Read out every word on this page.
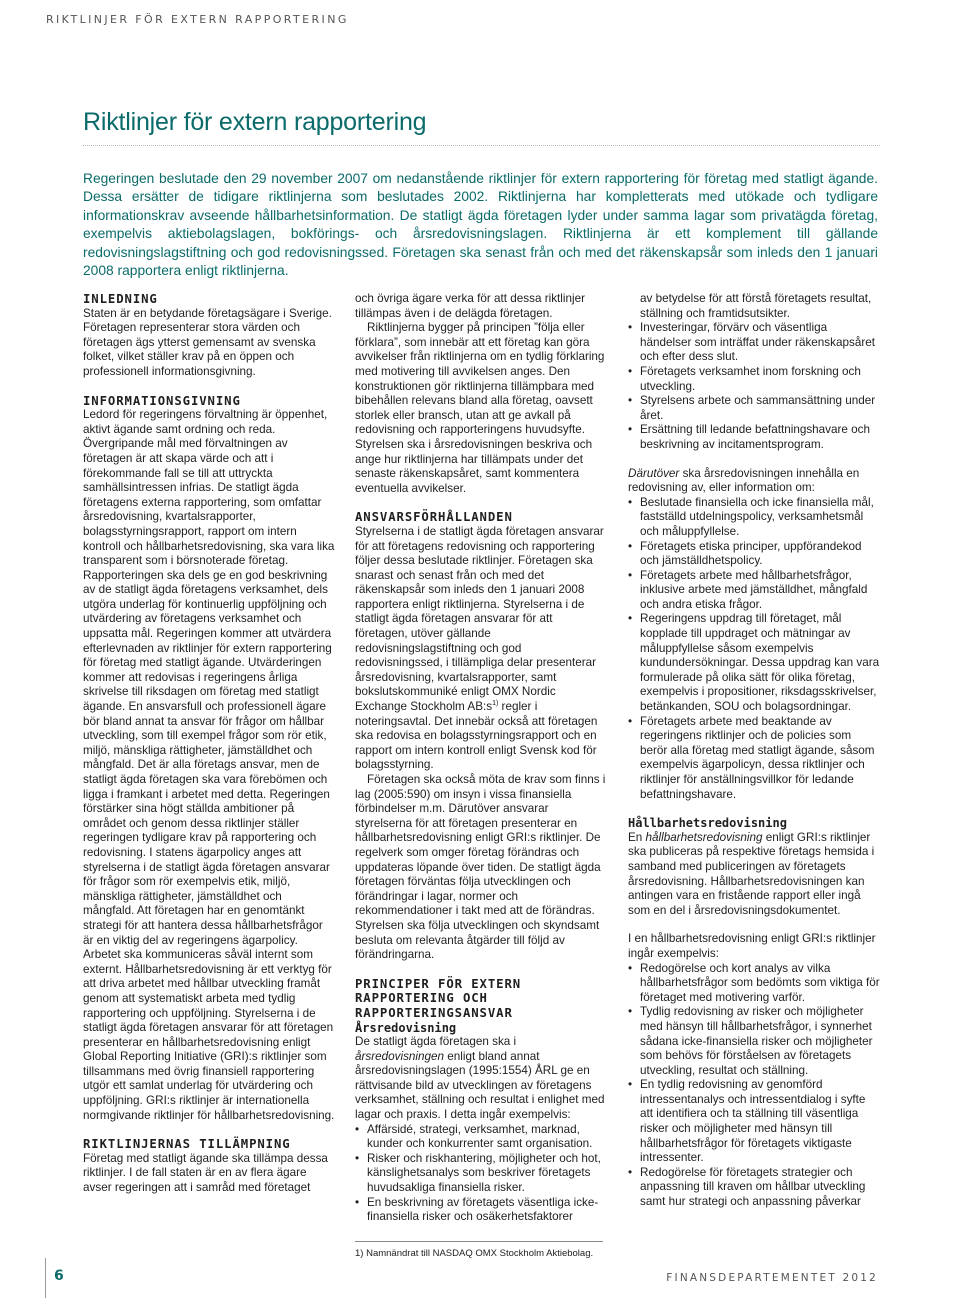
RIKTLINJER FÖR EXTERN RAPPORTERING
Riktlinjer för extern rapportering

Regeringen beslutade den 29 november 2007 om nedanstående riktlinjer för extern rapportering för företag med statligt ägande. Dessa ersätter de tidigare riktlinjerna som beslutades 2002. Riktlinjerna har kompletterats med utökade och tydligare informationskrav avseende hållbarhetsinformation. De statligt ägda företagen lyder under samma lagar som privatägda företag, exempelvis aktiebolagslagen, bokförings- och årsredovisningslagen. Riktlinjerna är ett komplement till gällande redovisningslagstiftning och god redovisningssed. Företagen ska senast från och med det räkenskapsår som inleds den 1 januari 2008 rapportera enligt riktlinjerna.

INLEDNING

Staten är en betydande företagsägare i Sverige. Företagen representerar stora värden och företagen ägs ytterst gemensamt av svenska folket, vilket ställer krav på en öppen och professionell informationsgivning.

INFORMATIONSGIVNING

Ledord för regeringens förvaltning är öppenhet, aktivt ägande samt ordning och reda. Övergripande mål med förvaltningen av företagen är att skapa värde och att i förekommande fall se till att uttryckta samhällsintressen infrias. De statligt ägda företagens externa rapportering, som omfattar årsredovisning, kvartalsrapporter, bolagsstyrningsrapport, rapport om intern kontroll och hållbarhetsredovisning, ska vara lika transparent som i börsnoterade företag. Rapporteringen ska dels ge en god beskrivning av de statligt ägda företagens verksamhet, dels utgöra underlag för kontinuerlig uppföljning och utvärdering av företagens verksamhet och uppsatta mål. Regeringen kommer att utvärdera efterlevnaden av riktlinjer för extern rapportering för företag med statligt ägande. Utvärderingen kommer att redovisas i regeringens årliga skrivelse till riksdagen om företag med statligt ägande. En ansvarsfull och professionell ägare bör bland annat ta ansvar för frågor om hållbar utveckling, som till exempel frågor som rör etik, miljö, mänskliga rättigheter, jämställdhet och mångfald. Det är alla företags ansvar, men de statligt ägda företagen ska vara förebömen och ligga i framkant i arbetet med detta. Regeringen förstärker sina högt ställda ambitioner på området och genom dessa riktlinjer ställer regeringen tydligare krav på rapportering och redovisning. I statens ägarpolicy anges att styrelserna i de statligt ägda företagen ansvarar för frågor som rör exempelvis etik, miljö, mänskliga rättigheter, jämställdhet och mångfald. Att företagen har en genomtänkt strategi för att hantera dessa hållbarhetsfrågor är en viktig del av regeringens ägarpolicy. Arbetet ska kommuniceras såväl internt som externt. Hållbarhetsredovisning är ett verktyg för att driva arbetet med hållbar utveckling framåt genom att systematiskt arbeta med tydlig rapportering och uppföljning. Styrelserna i de statligt ägda företagen ansvarar för att företagen presenterar en hållbarhetsredovisning enligt Global Reporting Initiative (GRI):s riktlinjer som tillsammans med övrig finansiell rapportering utgör ett samlat underlag för utvärdering och uppföljning. GRI:s riktlinjer är internationella normgivande riktlinjer för hållbarhetsredovisning.

RIKTLINJERNAS TILLÄMPNING

Företag med statligt ägande ska tillämpa dessa riktlinjer. I de fall staten är en av flera ägare avser regeringen att i samråd med företaget

och övriga ägare verka för att dessa riktlinjer tillämpas även i de delägda företagen.

Riktlinjerna bygger på principen ”följa eller förklara”, som innebär att ett företag kan göra avvikelser från riktlinjerna om en tydlig förklaring med motivering till avvikelsen anges. Den konstruktionen gör riktlinjerna tillämpbara med bibehållen relevans bland alla företag, oavsett storlek eller bransch, utan att ge avkall på redovisning och rapporteringens huvudsyfte. Styrelsen ska i årsredovisningen beskriva och ange hur riktlinjerna har tillämpats under det senaste räkenskapsåret, samt kommentera eventuella avvikelser.

ANSVARSFÖRHÅLLANDEN

Styrelserna i de statligt ägda företagen ansvarar för att företagens redovisning och rapportering följer dessa beslutade riktlinjer. Företagen ska snarast och senast från och med det räkenskapsår som inleds den 1 januari 2008 rapportera enligt riktlinjerna. Styrelserna i de statligt ägda företagen ansvarar för att företagen, utöver gällande redovisningslagstiftning och god redovisningssed, i tillämpliga delar presenterar årsredovisning, kvartalsrapporter, samt bokslutskommuniké enligt OMX Nordic Exchange Stockholm $AB:s^{1)}$ regler i noteringsavtal. Det innebär också att företagen ska redovisa en bolagsstyrningsrapport och en rapport om intern kontroll enligt Svensk kod för bolagsstyrning.

Företagen ska också möta de krav som finns i lag (2005:590) om insyn i vissa finansiella förbindelser m.m. Därutöver ansvarar styrelserna för att företagen presenterar en hållbarhetsredovisning enligt GRI:s riktlinjer. De regelverk som omger företag förändras och uppdateras löpande över tiden. De statligt ägda företagen förväntas följa utvecklingen och förändringar i lagar, normer och rekommendationer i takt med att de förändras. Styrelsen ska följa utvecklingen och skyndsamt besluta om relevanta åtgärder till följd av förändringarna.

PRINCIPER FÖR EXTERN RAPPORTERING OCH RAPPORTERINGSANSVAR
Årsredovisning

De statligt ägda företagen ska i årsredovisningen enligt bland annat årsredovisningslagen (1995:1554) ÅRL ge en rättvisande bild av utvecklingen av företagens verksamhet, ställning och resultat i enlighet med lagar och praxis. I detta ingår exempelvis:

• Affärsidé, strategi, verksamhet, marknad, kunder och konkurrenter samt organisation.
• Risker och riskhantering, möjligheter och hot, känslighetsanalys som beskriver företagets huvudsakliga finansiella risker.
• En beskrivning av företagets väsentliga icke-finansiella risker och osäkerhetsfaktorer
1) Namnändrat till NASDAQ OMX Stockholm Aktiebolag.
av betydelse för att förstå företagets resultat, ställning och framtidsutsikter.
• Investeringar, förvärv och väsentliga händelser som inträffat under räkenskapsåret och efter dess slut.
• Företagets verksamhet inom forskning och utveckling.
• Styrelsens arbete och sammansättning under året.
• Ersättning till ledande befattningshavare och beskrivning av incitamentsprogram.

Därutöver ska årsredovisningen innehålla en redovisning av, eller information om:

• Beslutade finansiella och icke finansiella mål, fastställd utdelningspolicy, verksamhetsmål och måluppfyllelse.
• Företagets etiska principer, uppförandekod och jämställdhetspolicy.
• Företagets arbete med hållbarhetsfrågor, inklusive arbete med jämställdhet, mångfald och andra etiska frågor.
• Regeringens uppdrag till företaget, mål kopplade till uppdraget och mätningar av måluppfyllelse såsom exempelvis kundundersökningar. Dessa uppdrag kan vara formulerade på olika sätt för olika företag, exempelvis i propositioner, riksdagsskrivelser, betänkanden, SOU och bolagsordningar.
• Företagets arbete med beaktande av regeringens riktlinjer och de policies som berör alla företag med statligt ägande, såsom exempelvis ägarpolicyn, dessa riktlinjer och riktlinjer för anställningsvillkor för ledande befattningshavare.
Hållbarhetsredovisning

En hållbarhetsredovisning enligt GRI:s riktlinjer ska publiceras på respektive företags hemsida i samband med publiceringen av företagets årsredovisning. Hållbarhetsredovisningen kan antingen vara en fristående rapport eller ingå som en del i årsredovisningsdokumentet.

I en hållbarhetsredovisning enligt GRI:s riktlinjer ingår exempelvis:

• Redogörelse och kort analys av vilka hållbarhetsfrågor som bedömts som viktiga för företaget med motivering varför.
• Tydlig redovisning av risker och möjligheter med hänsyn till hållbarhetsfrågor, i synnerhet sådana icke-finansiella risker och möjligheter som behövs för förståelsen av företagets utveckling, resultat och ställning.
• En tydlig redovisning av genomförd intressentanalys och intressentdialog i syfte att identifiera och ta ställning till väsentliga risker och möjligheter med hänsyn till hållbarhetsfrågor för företagets viktigaste intressenter.
• Redogörelse för företagets strategier och anpassning till kraven om hållbar utveckling samt hur strategi och anpassning påverkar
6	FINANSDEPARTEMENTET 2012
